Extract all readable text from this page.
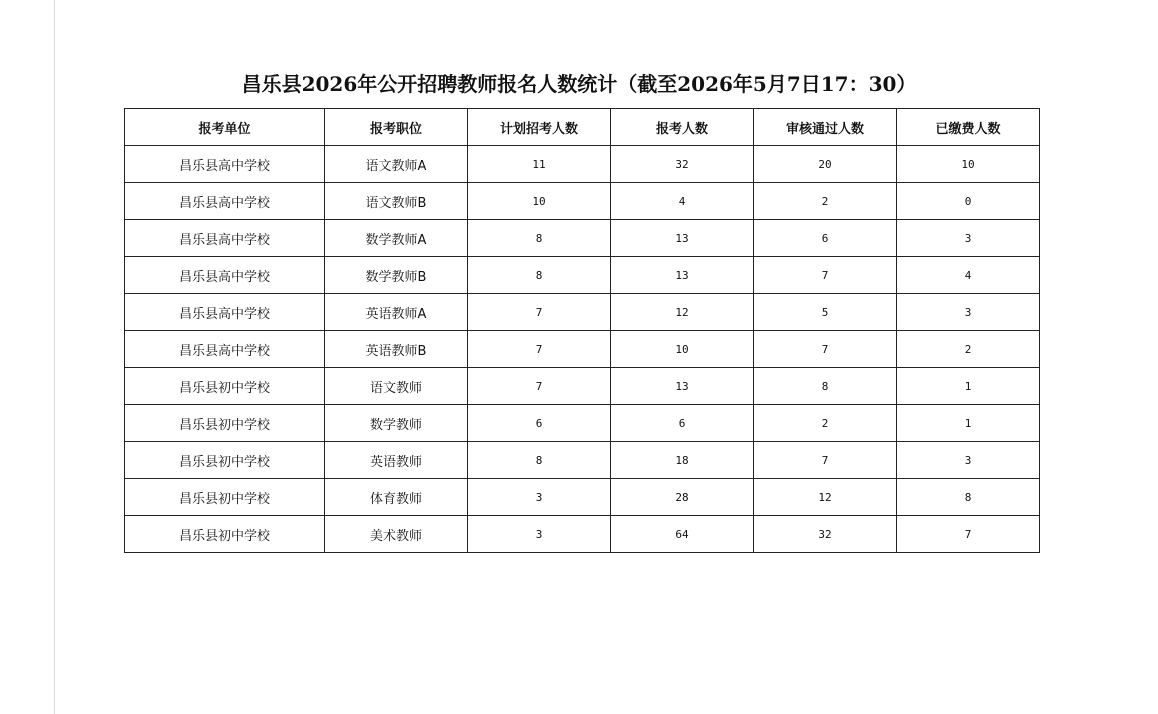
昌乐县2026年公开招聘教师报名人数统计（截至2026年5月7日17：30）
报考单位	报考职位	计划招考人数	报考人数	审核通过人数	已缴费人数
昌乐县高中学校	语文教师A	11	32	20	10
昌乐县高中学校	语文教师B	10	4	2	0
昌乐县高中学校	数学教师A	8	13	6	3
昌乐县高中学校	数学教师B	8	13	7	4
昌乐县高中学校	英语教师A	7	12	5	3
昌乐县高中学校	英语教师B	7	10	7	2
昌乐县初中学校	语文教师	7	13	8	1
昌乐县初中学校	数学教师	6	6	2	1
昌乐县初中学校	英语教师	8	18	7	3
昌乐县初中学校	体育教师	3	28	12	8
昌乐县初中学校	美术教师	3	64	32	7
